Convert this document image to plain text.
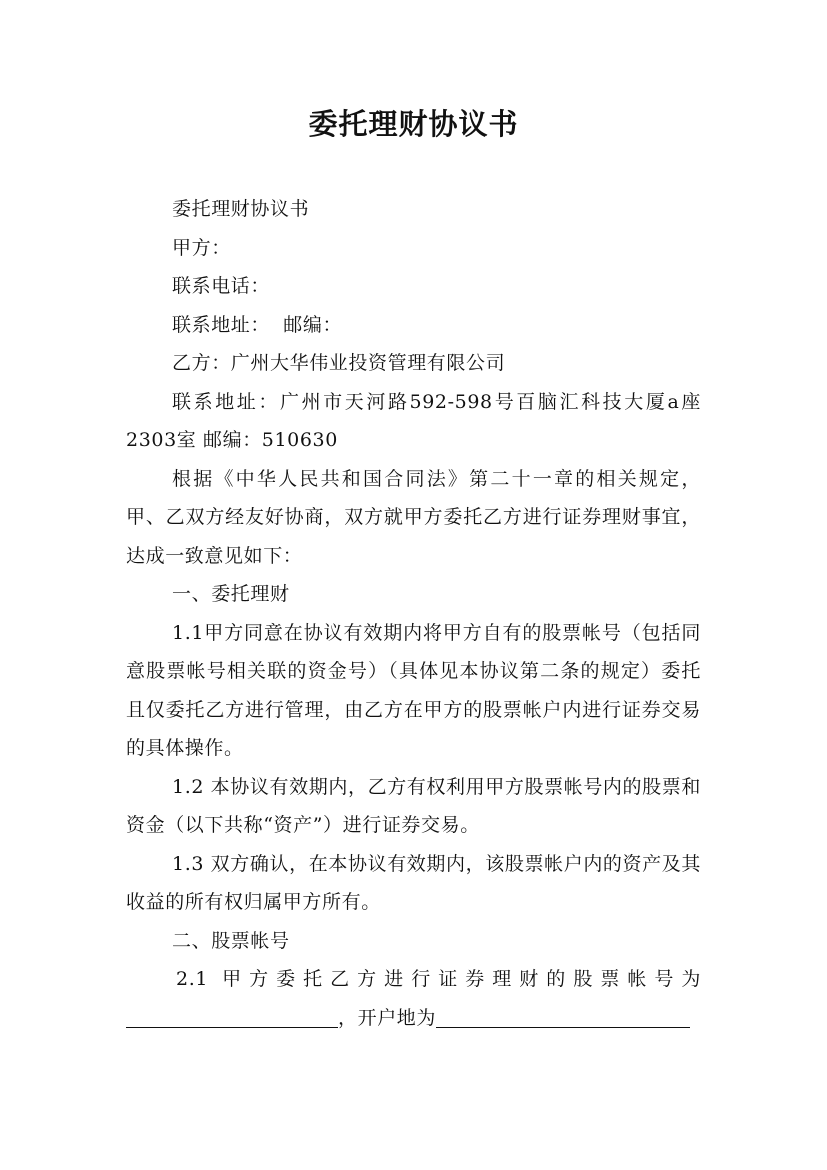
委托理财协议书

委托理财协议书

甲方：

联系电话：

联系地址：  邮编：

乙方：广州大华伟业投资管理有限公司

联系地址：广州市天河路592-598号百脑汇科技大厦a座2303室 邮编：510630

根据《中华人民共和国合同法》第二十一章的相关规定，甲、乙双方经友好协商，双方就甲方委托乙方进行证券理财事宜，达成一致意见如下：

一、委托理财

1.1甲方同意在协议有效期内将甲方自有的股票帐号（包括同意股票帐号相关联的资金号）（具体见本协议第二条的规定）委托且仅委托乙方进行管理，由乙方在甲方的股票帐户内进行证券交易的具体操作。

1.2 本协议有效期内，乙方有权利用甲方股票帐号内的股票和资金（以下共称“资产”）进行证券交易。

1.3 双方确认，在本协议有效期内，该股票帐户内的资产及其收益的所有权归属甲方所有。

二、股票帐号

2.1 甲方委托乙方进行证券理财的股票帐号为

，开户地为
